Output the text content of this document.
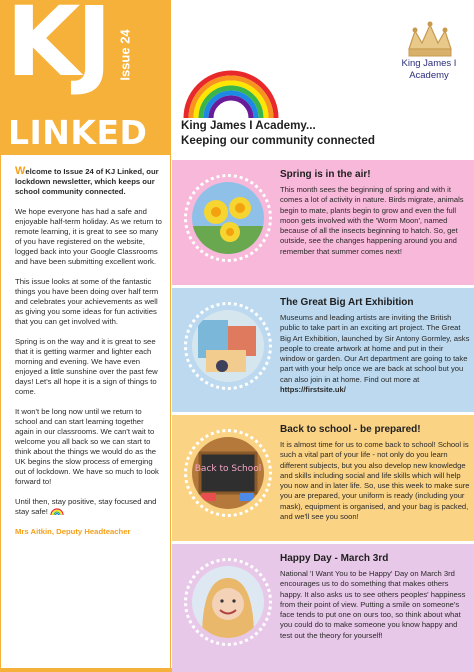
KJ Issue 24
LINKED
King James I
Academy
King James I Academy...
Keeping our community connected

Welcome to Issue 24 of KJ Linked, our lockdown newsletter, which keeps our school community connected.

We hope everyone has had a safe and enjoyable half-term holiday. As we return to remote learning, it is great to see so many of you have registered on the website, logged back into your Google Classrooms and have been submitting excellent work.

This issue looks at some of the fantastic things you have been doing over half term and celebrates your achievements as well as giving you some ideas for fun activities that you can get involved with.

Spring is on the way and it is great to see that it is getting warmer and lighter each morning and evening. We have even enjoyed a little sunshine over the past few days! Let's all hope it is a sign of things to come.

It won't be long now until we return to school and can start learning together again in our classrooms. We can't wait to welcome you all back so we can start to think about the things we would do as the UK begins the slow process of emerging out of lockdown. We have so much to look forward to!

Until then, stay positive, stay focused and stay safe!

Mrs Aitkin, Deputy Headteacher

Spring is in the air!
This month sees the beginning of spring and with it comes a lot of activity in nature. Birds migrate, animals begin to mate, plants begin to grow and even the full moon gets involved with the 'Worm Moon', named because of all the insects beginning to hatch. So, get outside, see the changes happening around you and remember that summer comes next!
The Great Big Art Exhibition
Museums and leading artists are inviting the British public to take part in an exciting art project. The Great Big Art Exhibition, launched by Sir Antony Gormley, asks people to create artwork at home and put in their window or garden. Our Art department are going to take part with your help once we are back at school but you can also join in at home. Find out more at https://firstsite.uk/
Back to School
Back to school - be prepared!
It is almost time for us to come back to school! School is such a vital part of your life - not only do you learn different subjects, but you also develop new knowledge and skills including social and life skills which will help you now and in later life. So, use this week to make sure you are prepared, your uniform is ready (including your mask), equipment is organised, and your bag is packed, and we'll see you soon!
Happy Day - March 3rd
National 'I Want You to be Happy' Day on March 3rd encourages us to do something that makes others happy. It also asks us to see others peoples' happiness from their point of view. Putting a smile on someone's face tends to put one on ours too, so think about what you could do to make someone you know happy and test out the theory for yourself!
